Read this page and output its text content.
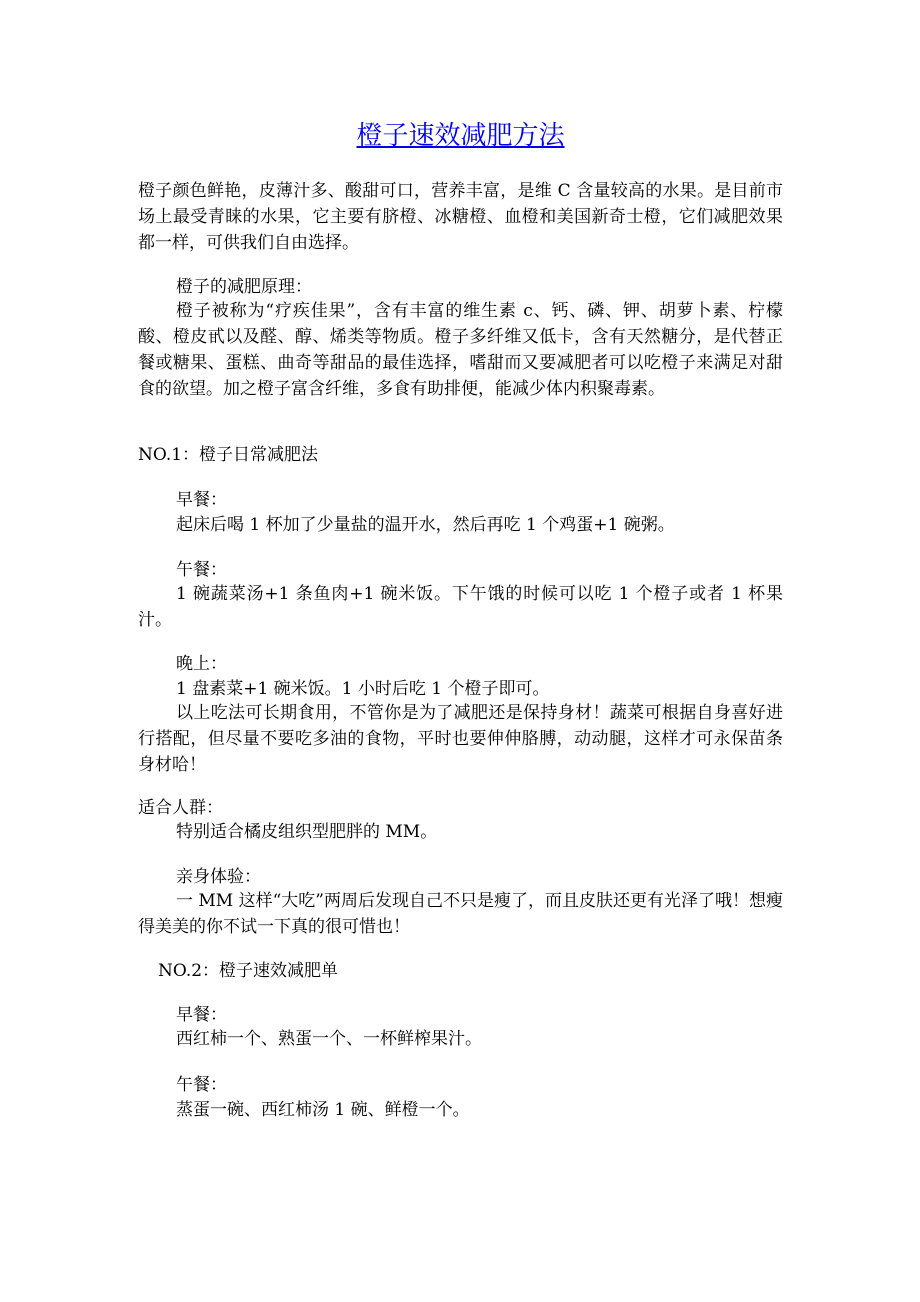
橙子速效减肥方法

橙子颜色鲜艳，皮薄汁多、酸甜可口，营养丰富，是维 C 含量较高的水果。是目前市场上最受青睐的水果，它主要有脐橙、冰糖橙、血橙和美国新奇士橙，它们减肥效果都一样，可供我们自由选择。

橙子的减肥原理：

橙子被称为“疗疾佳果”，含有丰富的维生素 c、钙、磷、钾、胡萝卜素、柠檬酸、橙皮甙以及醛、醇、烯类等物质。橙子多纤维又低卡，含有天然糖分，是代替正餐或糖果、蛋糕、曲奇等甜品的最佳选择，嗜甜而又要减肥者可以吃橙子来满足对甜食的欲望。加之橙子富含纤维，多食有助排便，能减少体内积聚毒素。

NO.1：橙子日常减肥法

早餐：

起床后喝 1 杯加了少量盐的温开水，然后再吃 1 个鸡蛋+1 碗粥。

午餐：

1 碗蔬菜汤+1 条鱼肉+1 碗米饭。下午饿的时候可以吃 1 个橙子或者 1 杯果汁。

晚上：

1 盘素菜+1 碗米饭。1 小时后吃 1 个橙子即可。

以上吃法可长期食用，不管你是为了减肥还是保持身材！蔬菜可根据自身喜好进行搭配，但尽量不要吃多油的食物，平时也要伸伸胳膊，动动腿，这样才可永保苗条身材哈！

适合人群：

特别适合橘皮组织型肥胖的 MM。

亲身体验：

一 MM 这样“大吃”两周后发现自己不只是瘦了，而且皮肤还更有光泽了哦！想瘦得美美的你不试一下真的很可惜也！

NO.2：橙子速效减肥单

早餐：

西红柿一个、熟蛋一个、一杯鲜榨果汁。

午餐：

蒸蛋一碗、西红柿汤 1 碗、鲜橙一个。
